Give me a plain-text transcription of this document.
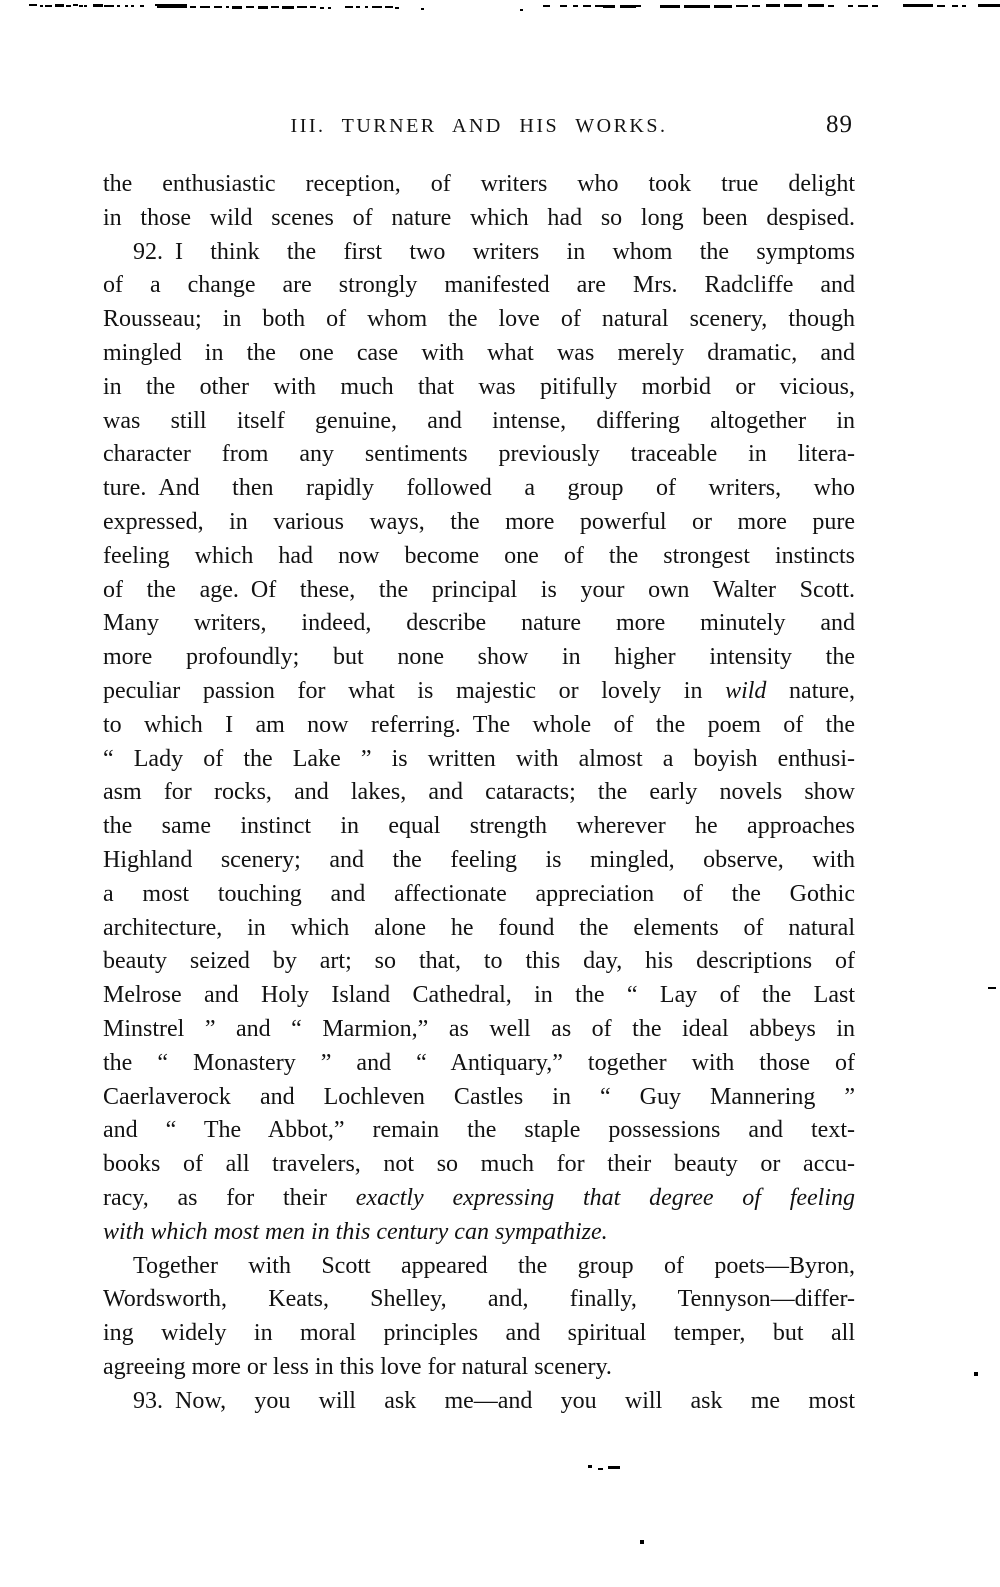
III. TURNER AND HIS WORKS.	89
the enthusiastic reception, of writers who took true delight
in those wild scenes of nature which had so long been despised.
92. I think the first two writers in whom the symptoms
of a change are strongly manifested are Mrs. Radcliffe and
Rousseau; in both of whom the love of natural scenery, though
mingled in the one case with what was merely dramatic, and
in the other with much that was pitifully morbid or vicious,
was still itself genuine, and intense, differing altogether in
character from any sentiments previously traceable in litera-
ture. And then rapidly followed a group of writers, who
expressed, in various ways, the more powerful or more pure
feeling which had now become one of the strongest instincts
of the age. Of these, the principal is your own Walter Scott.
Many writers, indeed, describe nature more minutely and
more profoundly; but none show in higher intensity the
peculiar passion for what is majestic or lovely in wild nature,
to which I am now referring. The whole of the poem of the
“ Lady of the Lake ” is written with almost a boyish enthusi-
asm for rocks, and lakes, and cataracts; the early novels show
the same instinct in equal strength wherever he approaches
Highland scenery; and the feeling is mingled, observe, with
a most touching and affectionate appreciation of the Gothic
architecture, in which alone he found the elements of natural
beauty seized by art; so that, to this day, his descriptions of
Melrose and Holy Island Cathedral, in the “ Lay of the Last
Minstrel ” and “ Marmion,” as well as of the ideal abbeys in
the “ Monastery ” and “ Antiquary,” together with those of
Caerlaverock and Lochleven Castles in “ Guy Mannering ”
and “ The Abbot,” remain the staple possessions and text-
books of all travelers, not so much for their beauty or accu-
racy, as for their exactly expressing that degree of feeling
with which most men in this century can sympathize.
Together with Scott appeared the group of poets—Byron,
Wordsworth, Keats, Shelley, and, finally, Tennyson—differ-
ing widely in moral principles and spiritual temper, but all
agreeing more or less in this love for natural scenery.
93. Now, you will ask me—and you will ask me most
